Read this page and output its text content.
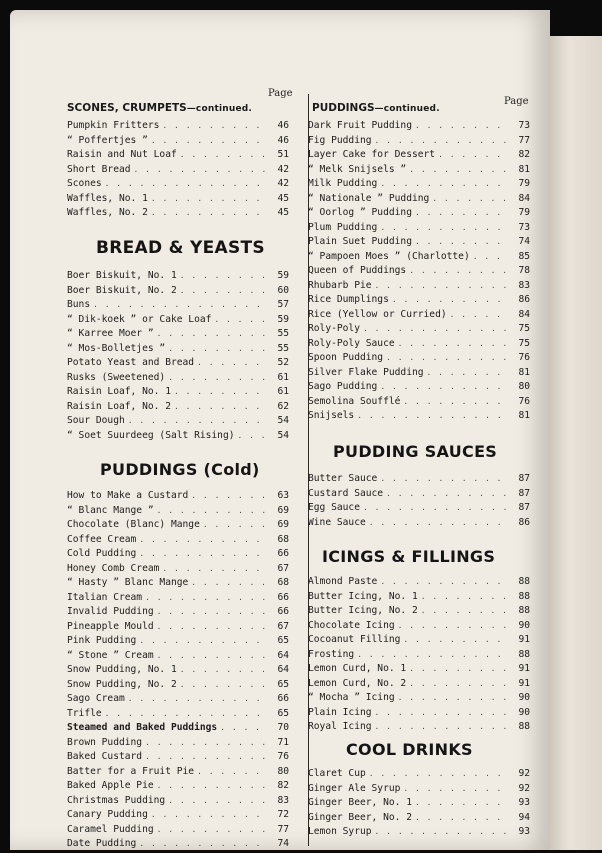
Page
SCONES, CRUMPETS—continued.
Pumpkin Fritters . . .	46
“ Poffertjes ” . . .	46
Raisin and Nut Loaf . . .	51
Short Bread . . .	42
Scones . . .	42
Waffles, No. 1 . . .	45
Waffles, No. 2 . . .	45
BREAD & YEASTS
Boer Biskuit, No. 1 . . .	59
Boer Biskuit, No. 2 . . .	60
Buns . . .	57
“ Dik-koek ” or Cake Loaf . . .	59
“ Karree Moer ” . . .	55
“ Mos-Bolletjes ” . . .	55
Potato Yeast and Bread . . .	52
Rusks (Sweetened) . . .	61
Raisin Loaf, No. 1 . . .	61
Raisin Loaf, No. 2 . . .	62
Sour Dough . . .	54
“ Soet Suurdeeg (Salt Rising) . . .	54
PUDDINGS (Cold)
How to Make a Custard . . .	63
“ Blanc Mange ” . . .	69
Chocolate (Blanc) Mange . . .	69
Coffee Cream . . .	68
Cold Pudding . . .	66
Honey Comb Cream . . .	67
“ Hasty ” Blanc Mange . . .	68
Italian Cream . . .	66
Invalid Pudding . . .	66
Pineapple Mould . . .	67
Pink Pudding . . .	65
“ Stone ” Cream . . .	64
Snow Pudding, No. 1 . . .	64
Snow Pudding, No. 2 . . .	65
Sago Cream . . .	66
Trifle . . .	65
Steamed and Baked Puddings . . .	70
Brown Pudding . . .	71
Baked Custard . . .	76
Batter for a Fruit Pie . . .	80
Baked Apple Pie . . .	82
Christmas Pudding . . .	83
Canary Pudding . . .	72
Caramel Pudding . . .	77
Date Pudding . . .	74
Page
PUDDINGS—continued.
Dark Fruit Pudding . . .	73
Fig Pudding . . .	77
Layer Cake for Dessert . . .	82
“ Melk Snijsels ” . . .	81
Milk Pudding . . .	79
“ Nationale ” Pudding . . .	84
“ Oorlog ” Pudding . . .	79
Plum Pudding . . .	73
Plain Suet Pudding . . .	74
“ Pampoen Moes ” (Charlotte) . . .	85
Queen of Puddings . . .	78
Rhubarb Pie . . .	83
Rice Dumplings . . .	86
Rice (Yellow or Curried) . . .	84
Roly-Poly . . .	75
Roly-Poly Sauce . . .	75
Spoon Pudding . . .	76
Silver Flake Pudding . . .	81
Sago Pudding . . .	80
Semolina Soufflé . . .	76
Snijsels . . .	81
PUDDING SAUCES
Butter Sauce . . .	87
Custard Sauce . . .	87
Egg Sauce . . .	87
Wine Sauce . . .	86
ICINGS & FILLINGS
Almond Paste . . .	88
Butter Icing, No. 1 . . .	88
Butter Icing, No. 2 . . .	88
Chocolate Icing . . .	90
Cocoanut Filling . . .	91
Frosting . . .	88
Lemon Curd, No. 1 . . .	91
Lemon Curd, No. 2 . . .	91
“ Mocha ” Icing . . .	90
Plain Icing . . .	90
Royal Icing . . .	88
COOL DRINKS
Claret Cup . . .	92
Ginger Ale Syrup . . .	92
Ginger Beer, No. 1 . . .	93
Ginger Beer, No. 2 . . .	94
Lemon Syrup . . .	93
